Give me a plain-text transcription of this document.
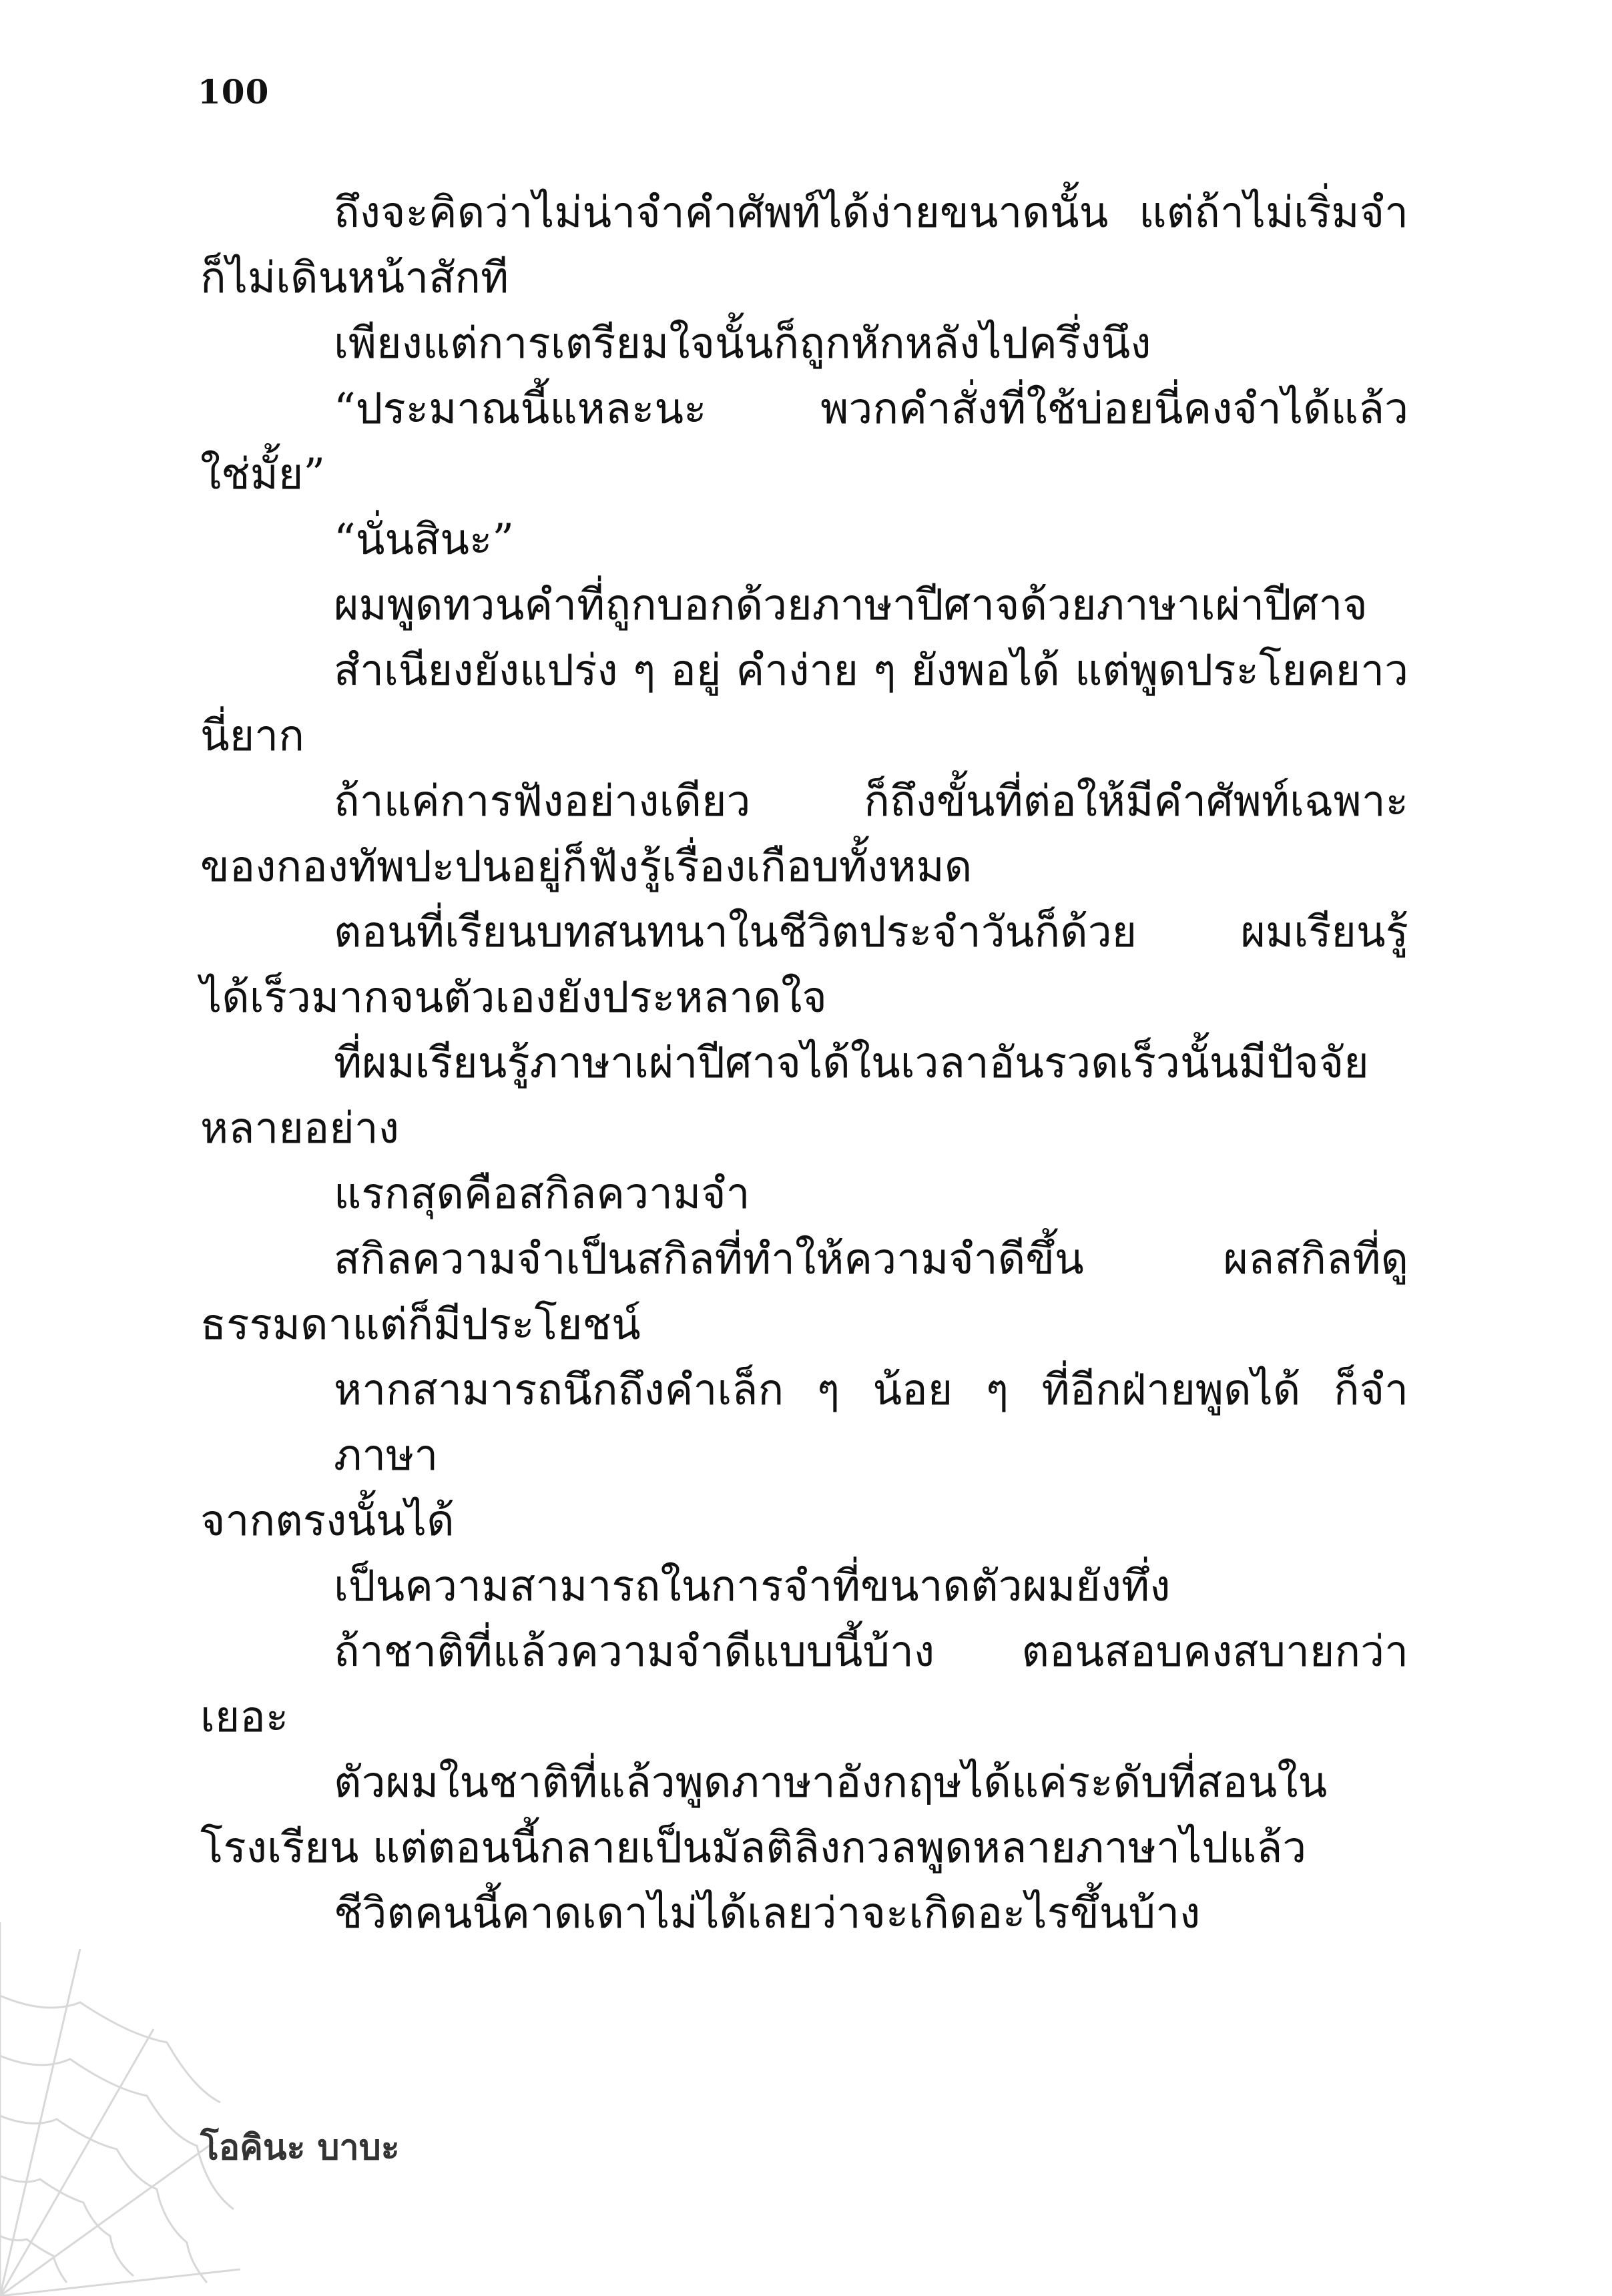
100

ถึงจะคิดว่าไม่น่าจำคำศัพท์ได้ง่ายขนาดนั้น แต่ถ้าไม่เริ่มจำ
ก็ไม่เดินหน้าสักที

เพียงแต่การเตรียมใจนั้นก็ถูกหักหลังไปครึ่งนึง

“ประมาณนี้แหละนะ พวกคำสั่งที่ใช้บ่อยนี่คงจำได้แล้ว
ใช่มั้ย”

“นั่นสินะ”

ผมพูดทวนคำที่ถูกบอกด้วยภาษาปีศาจด้วยภาษาเผ่าปีศาจ

สำเนียงยังแปร่ง ๆ อยู่ คำง่าย ๆ ยังพอได้ แต่พูดประโยคยาว
นี่ยาก

ถ้าแค่การฟังอย่างเดียว ก็ถึงขั้นที่ต่อให้มีคำศัพท์เฉพาะ
ของกองทัพปะปนอยู่ก็ฟังรู้เรื่องเกือบทั้งหมด

ตอนที่เรียนบทสนทนาในชีวิตประจำวันก็ด้วย ผมเรียนรู้
ได้เร็วมากจนตัวเองยังประหลาดใจ

ที่ผมเรียนรู้ภาษาเผ่าปีศาจได้ในเวลาอันรวดเร็วนั้นมีปัจจัย
หลายอย่าง

แรกสุดคือสกิลความจำ

สกิลความจำเป็นสกิลที่ทำให้ความจำดีขึ้น ผลสกิลที่ดู
ธรรมดาแต่ก็มีประโยชน์

หากสามารถนึกถึงคำเล็ก ๆ น้อย ๆ ที่อีกฝ่ายพูดได้ ก็จำภาษา
จากตรงนั้นได้

เป็นความสามารถในการจำที่ขนาดตัวผมยังทึ่ง

ถ้าชาติที่แล้วความจำดีแบบนี้บ้าง ตอนสอบคงสบายกว่า
เยอะ

ตัวผมในชาติที่แล้วพูดภาษาอังกฤษได้แค่ระดับที่สอนใน
โรงเรียน แต่ตอนนี้กลายเป็นมัลติลิงกวลพูดหลายภาษาไปแล้ว

ชีวิตคนนี้คาดเดาไม่ได้เลยว่าจะเกิดอะไรขึ้นบ้าง

โอคินะ บาบะ
